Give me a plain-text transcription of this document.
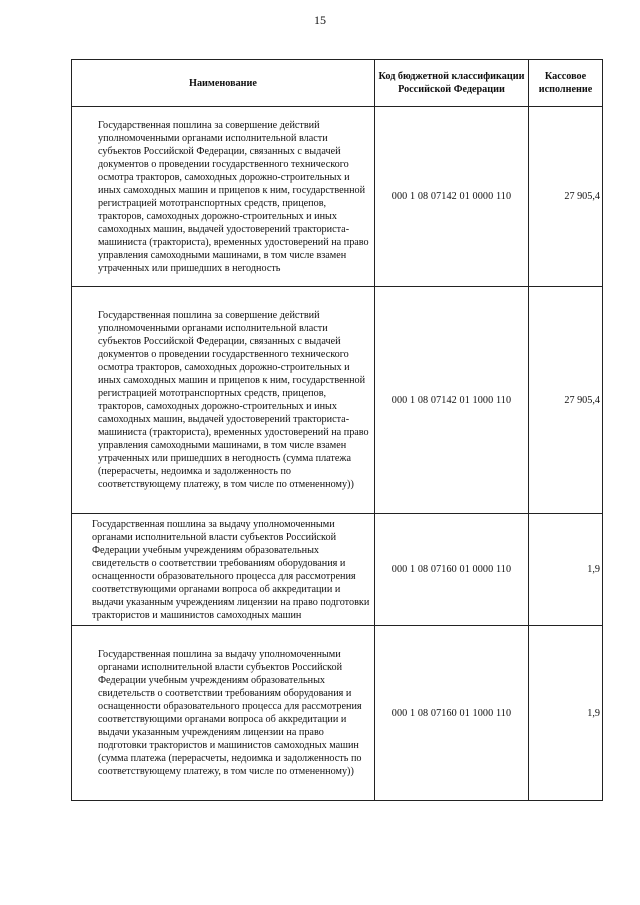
15
Наименование	Код бюджетной классификации Российской Федерации	Кассовое исполнение
Государственная пошлина за совершение действий уполномоченными органами исполнительной власти субъектов Российской Федерации, связанных с выдачей документов о проведении государственного технического осмотра тракторов, самоходных дорожно-строительных и иных самоходных машин и прицепов к ним, государственной регистрацией мототранспортных средств, прицепов, тракторов, самоходных дорожно-строительных и иных самоходных машин, выдачей удостоверений тракториста-машиниста (тракториста), временных удостоверений на право управления самоходными машинами, в том числе взамен утраченных или пришедших в негодность	000 1 08 07142 01 0000 110	27 905,4
Государственная пошлина за совершение действий уполномоченными органами исполнительной власти субъектов Российской Федерации, связанных с выдачей документов о проведении государственного технического осмотра тракторов, самоходных дорожно-строительных и иных самоходных машин и прицепов к ним, государственной регистрацией мототранспортных средств, прицепов, тракторов, самоходных дорожно-строительных и иных самоходных машин, выдачей удостоверений тракториста-машиниста (тракториста), временных удостоверений на право управления самоходными машинами, в том числе взамен утраченных или пришедших в негодность (сумма платежа (перерасчеты, недоимка и задолженность по соответствующему платежу, в том числе по отмененному))	000 1 08 07142 01 1000 110	27 905,4
Государственная пошлина за выдачу уполномоченными органами исполнительной власти субъектов Российской Федерации учебным учреждениям образовательных свидетельств о соответствии требованиям оборудования и оснащенности образовательного процесса для рассмотрения соответствующими органами вопроса об аккредитации и выдачи указанным учреждениям лицензии на право подготовки трактористов и машинистов самоходных машин	000 1 08 07160 01 0000 110	1,9
Государственная пошлина за выдачу уполномоченными органами исполнительной власти субъектов Российской Федерации учебным учреждениям образовательных свидетельств о соответствии требованиям оборудования и оснащенности образовательного процесса для рассмотрения соответствующими органами вопроса об аккредитации и выдачи указанным учреждениям лицензии на право подготовки трактористов и машинистов самоходных машин (сумма платежа (перерасчеты, недоимка и задолженность по соответствующему платежу, в том числе по отмененному))	000 1 08 07160 01 1000 110	1,9
